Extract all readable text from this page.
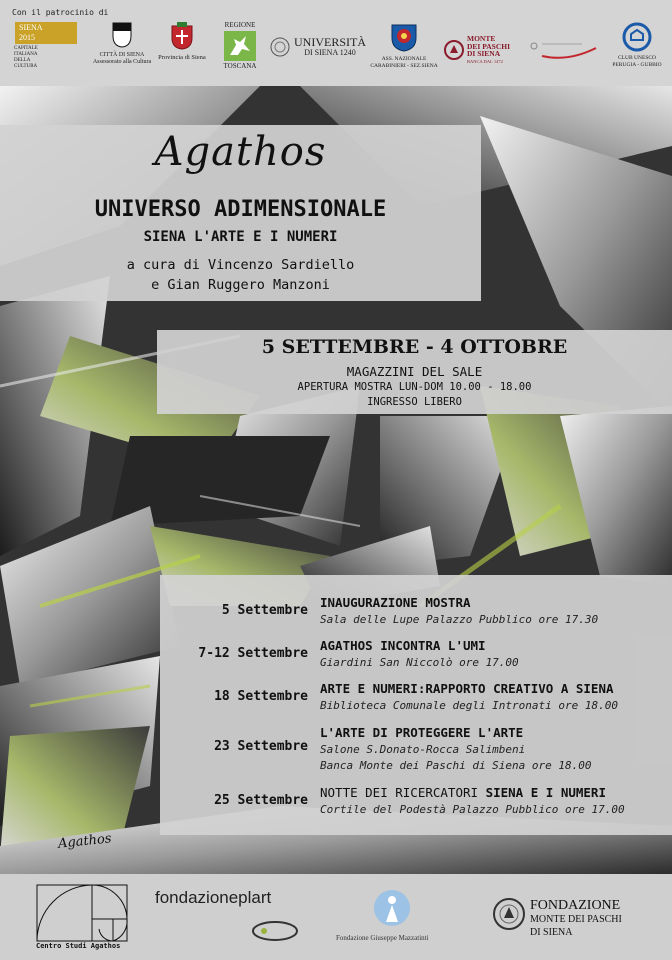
Con il patrocinio di
SIENA
2015
CAPITALE ITALIANA DELLA CULTURA
CITTÀ DI SIENA
Assessorato alla Cultura
Provincia di Siena
REGIONE
TOSCANA
UNIVERSITÀ
DI SIENA 1240
ASS. NAZIONALE
CARABINIERI - SEZ.SIENA
MONTE
DEI PASCHI
DI SIENA
BANCA DAL 1472	CLUB UNESCO
PERUGIA - GUBBIO
Agathos
Agathos
UNIVERSO ADIMENSIONALE
SIENA L'ARTE E I NUMERI
a cura di Vincenzo Sardiello
e Gian Ruggero Manzoni
5 SETTEMBRE - 4 OTTOBRE
MAGAZZINI DEL SALE
APERTURA MOSTRA LUN-DOM 10.00 - 18.00
INGRESSO LIBERO
5 Settembre
INAUGURAZIONE MOSTRA
Sala delle Lupe Palazzo Pubblico ore 17.30
7-12 Settembre
AGATHOS INCONTRA L'UMI
Giardini San Niccolò ore 17.00
18 Settembre
ARTE E NUMERI:RAPPORTO CREATIVO A SIENA
Biblioteca Comunale degli Intronati ore 18.00
23 Settembre
L'ARTE DI PROTEGGERE L'ARTE
Salone S.Donato-Rocca Salimbeni
Banca Monte dei Paschi di Siena ore 18.00
25 Settembre
NOTTE DEI RICERCATORI SIENA E I NUMERI
Cortile del Podestà Palazzo Pubblico ore 17.00
Centro Studi Agathos
fondazioneplart
Fondazione Giuseppe Mazzatinti
FONDAZIONE
MONTE DEI PASCHI
DI SIENA
